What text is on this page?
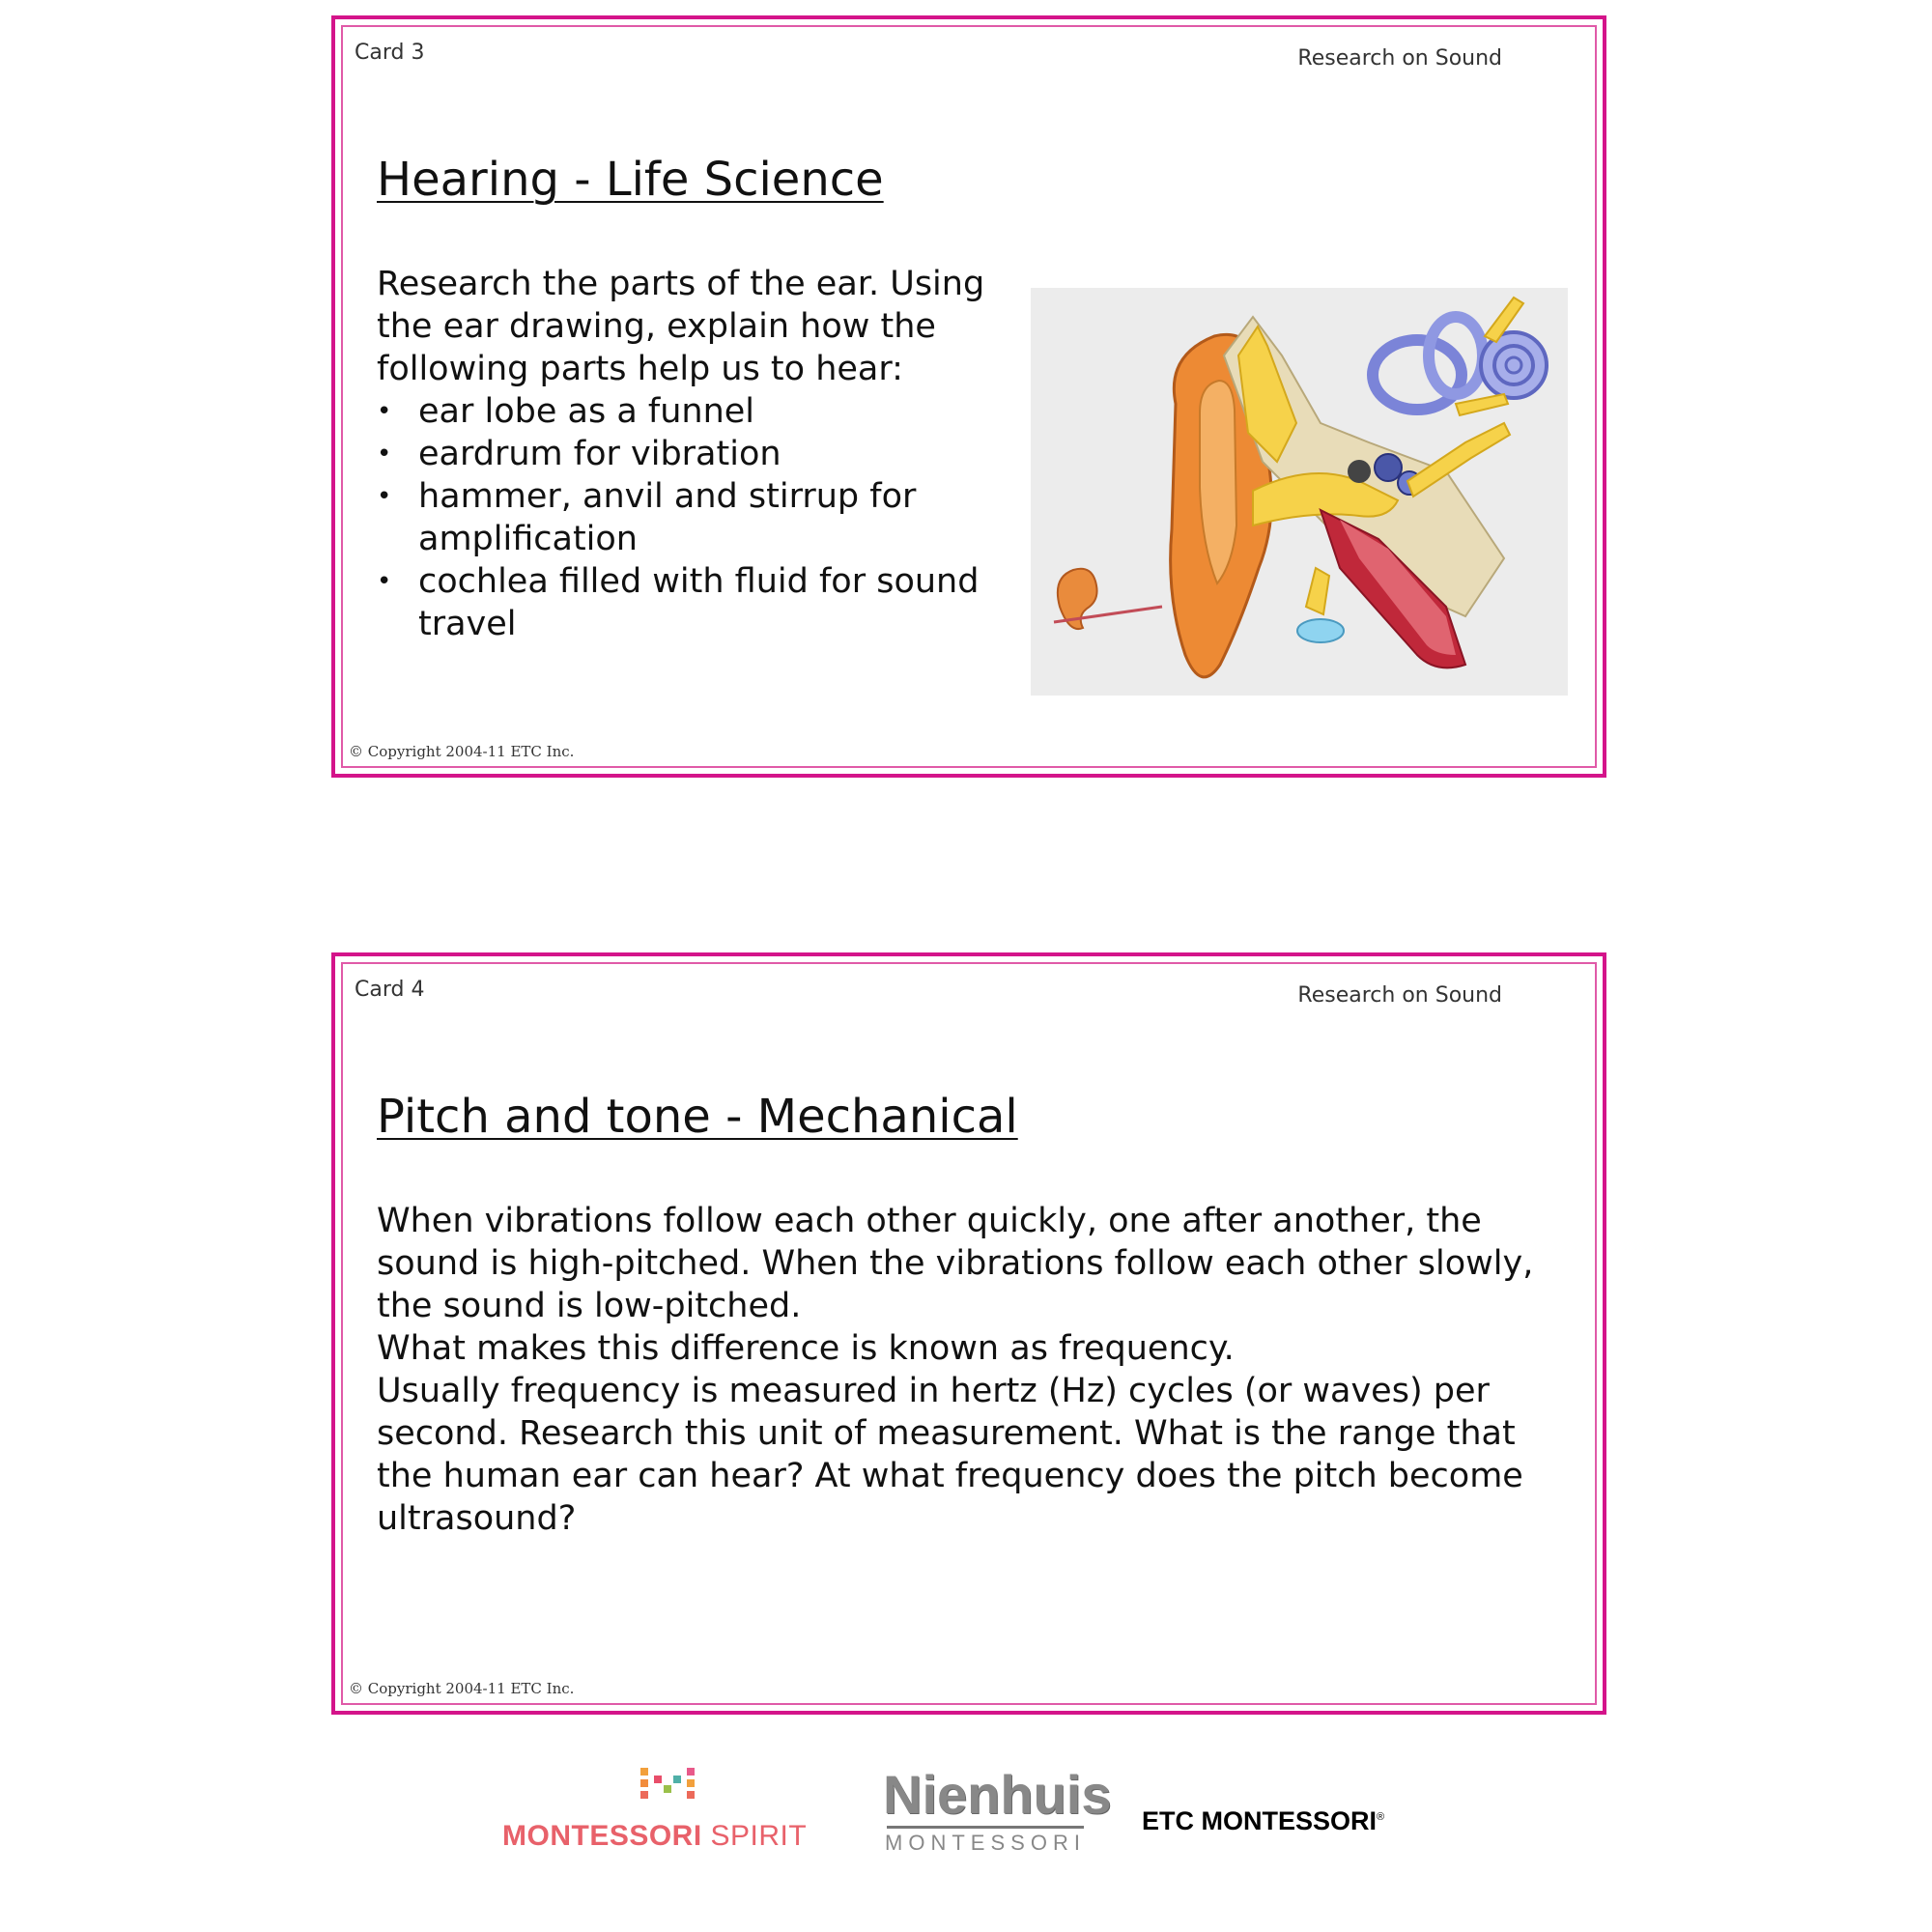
Card 3	Research on Sound
Hearing - Life Science

Research the parts of the ear. Using

the ear drawing, explain how the

following parts help us to hear:

• ear lobe as a funnel
• eardrum for vibration
• hammer, anvil and stirrup for amplification
• cochlea filled with fluid for sound travel
© Copyright 2004-11 ETC Inc.
Card 4	Research on Sound
Pitch and tone - Mechanical

When vibrations follow each other quickly, one after another, the sound is high-pitched. When the vibrations follow each other slowly, the sound is low-pitched.

What makes this difference is known as frequency.

Usually frequency is measured in hertz (Hz) cycles (or waves) per second. Research this unit of measurement. What is the range that the human ear can hear? At what frequency does the pitch become ultrasound?

© Copyright 2004-11 ETC Inc.
MONTESSORI SPIRIT
Nienhuis
MONTESSORI
ETC MONTESSORI®
